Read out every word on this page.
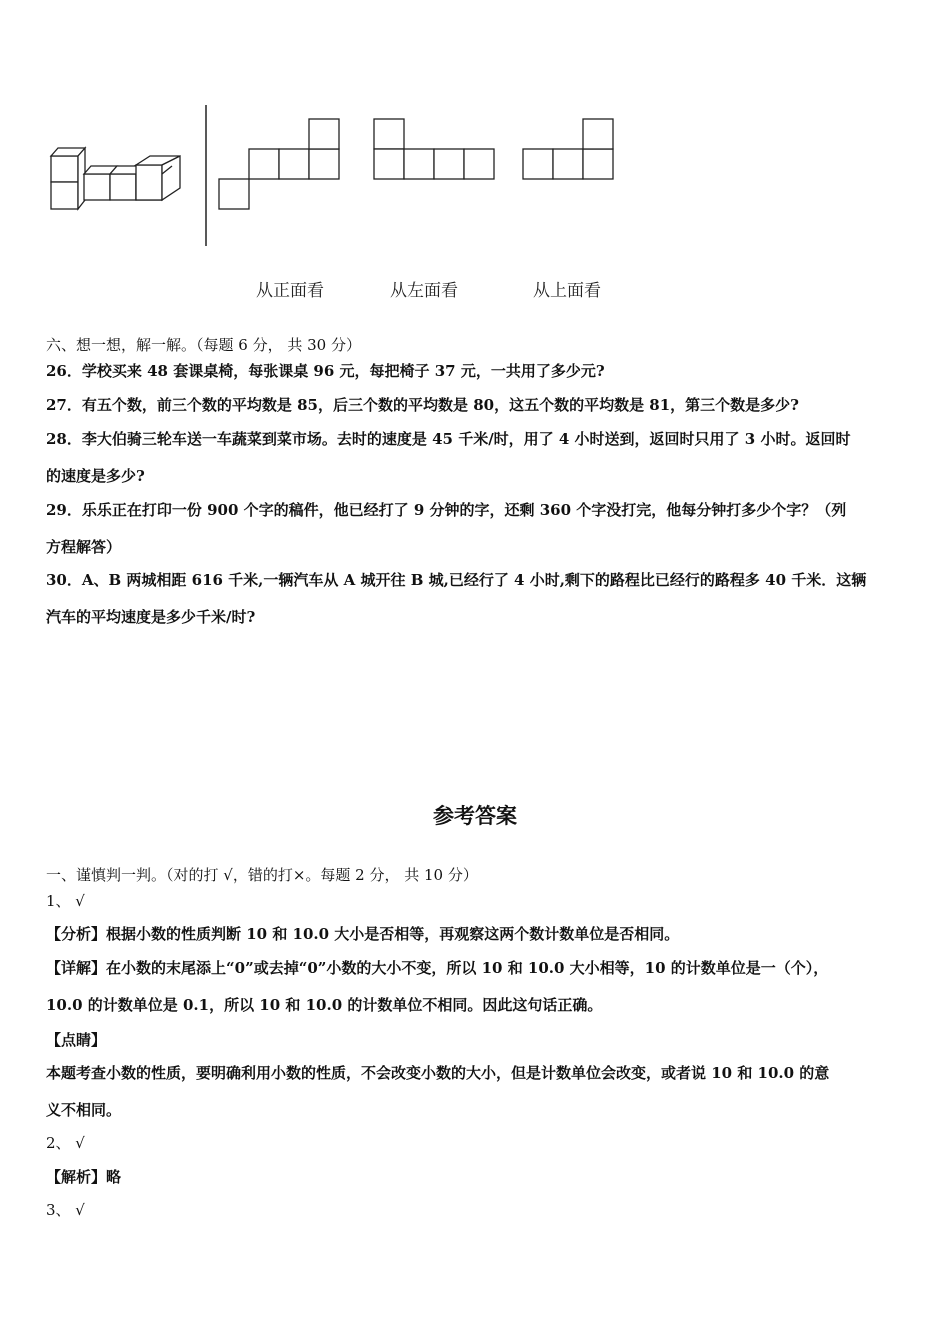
从正面看	从左面看	从上面看
六、想一想，解一解。（每题 6 分， 共 30 分）
26．学校买来 48 套课桌椅，每张课桌 96 元，每把椅子 37 元，一共用了多少元?
27．有五个数，前三个数的平均数是 85，后三个数的平均数是 80，这五个数的平均数是 81，第三个数是多少?
28．李大伯骑三轮车送一车蔬菜到菜市场。去时的速度是 45 千米/时，用了 4 小时送到，返回时只用了 3 小时。返回时
的速度是多少?
29．乐乐正在打印一份 900 个字的稿件，他已经打了 9 分钟的字，还剩 360 个字没打完，他每分钟打多少个字？（列
方程解答）
30．A、B 两城相距 616 千米,一辆汽车从 A 城开往 B 城,已经行了 4 小时,剩下的路程比已经行的路程多 40 千米．这辆
汽车的平均速度是多少千米/时?
参考答案
一、谨慎判一判。（对的打 √，错的打×。每题 2 分， 共 10 分）
1、 √
【分析】根据小数的性质判断 10 和 10.0 大小是否相等，再观察这两个数计数单位是否相同。
【详解】在小数的末尾添上“0”或去掉“0”小数的大小不变，所以 10 和 10.0 大小相等，10 的计数单位是一（个），
10.0 的计数单位是 0.1，所以 10 和 10.0 的计数单位不相同。因此这句话正确。
【点睛】
本题考查小数的性质，要明确利用小数的性质，不会改变小数的大小，但是计数单位会改变，或者说 10 和 10.0 的意
义不相同。
2、 √
【解析】略
3、 √
